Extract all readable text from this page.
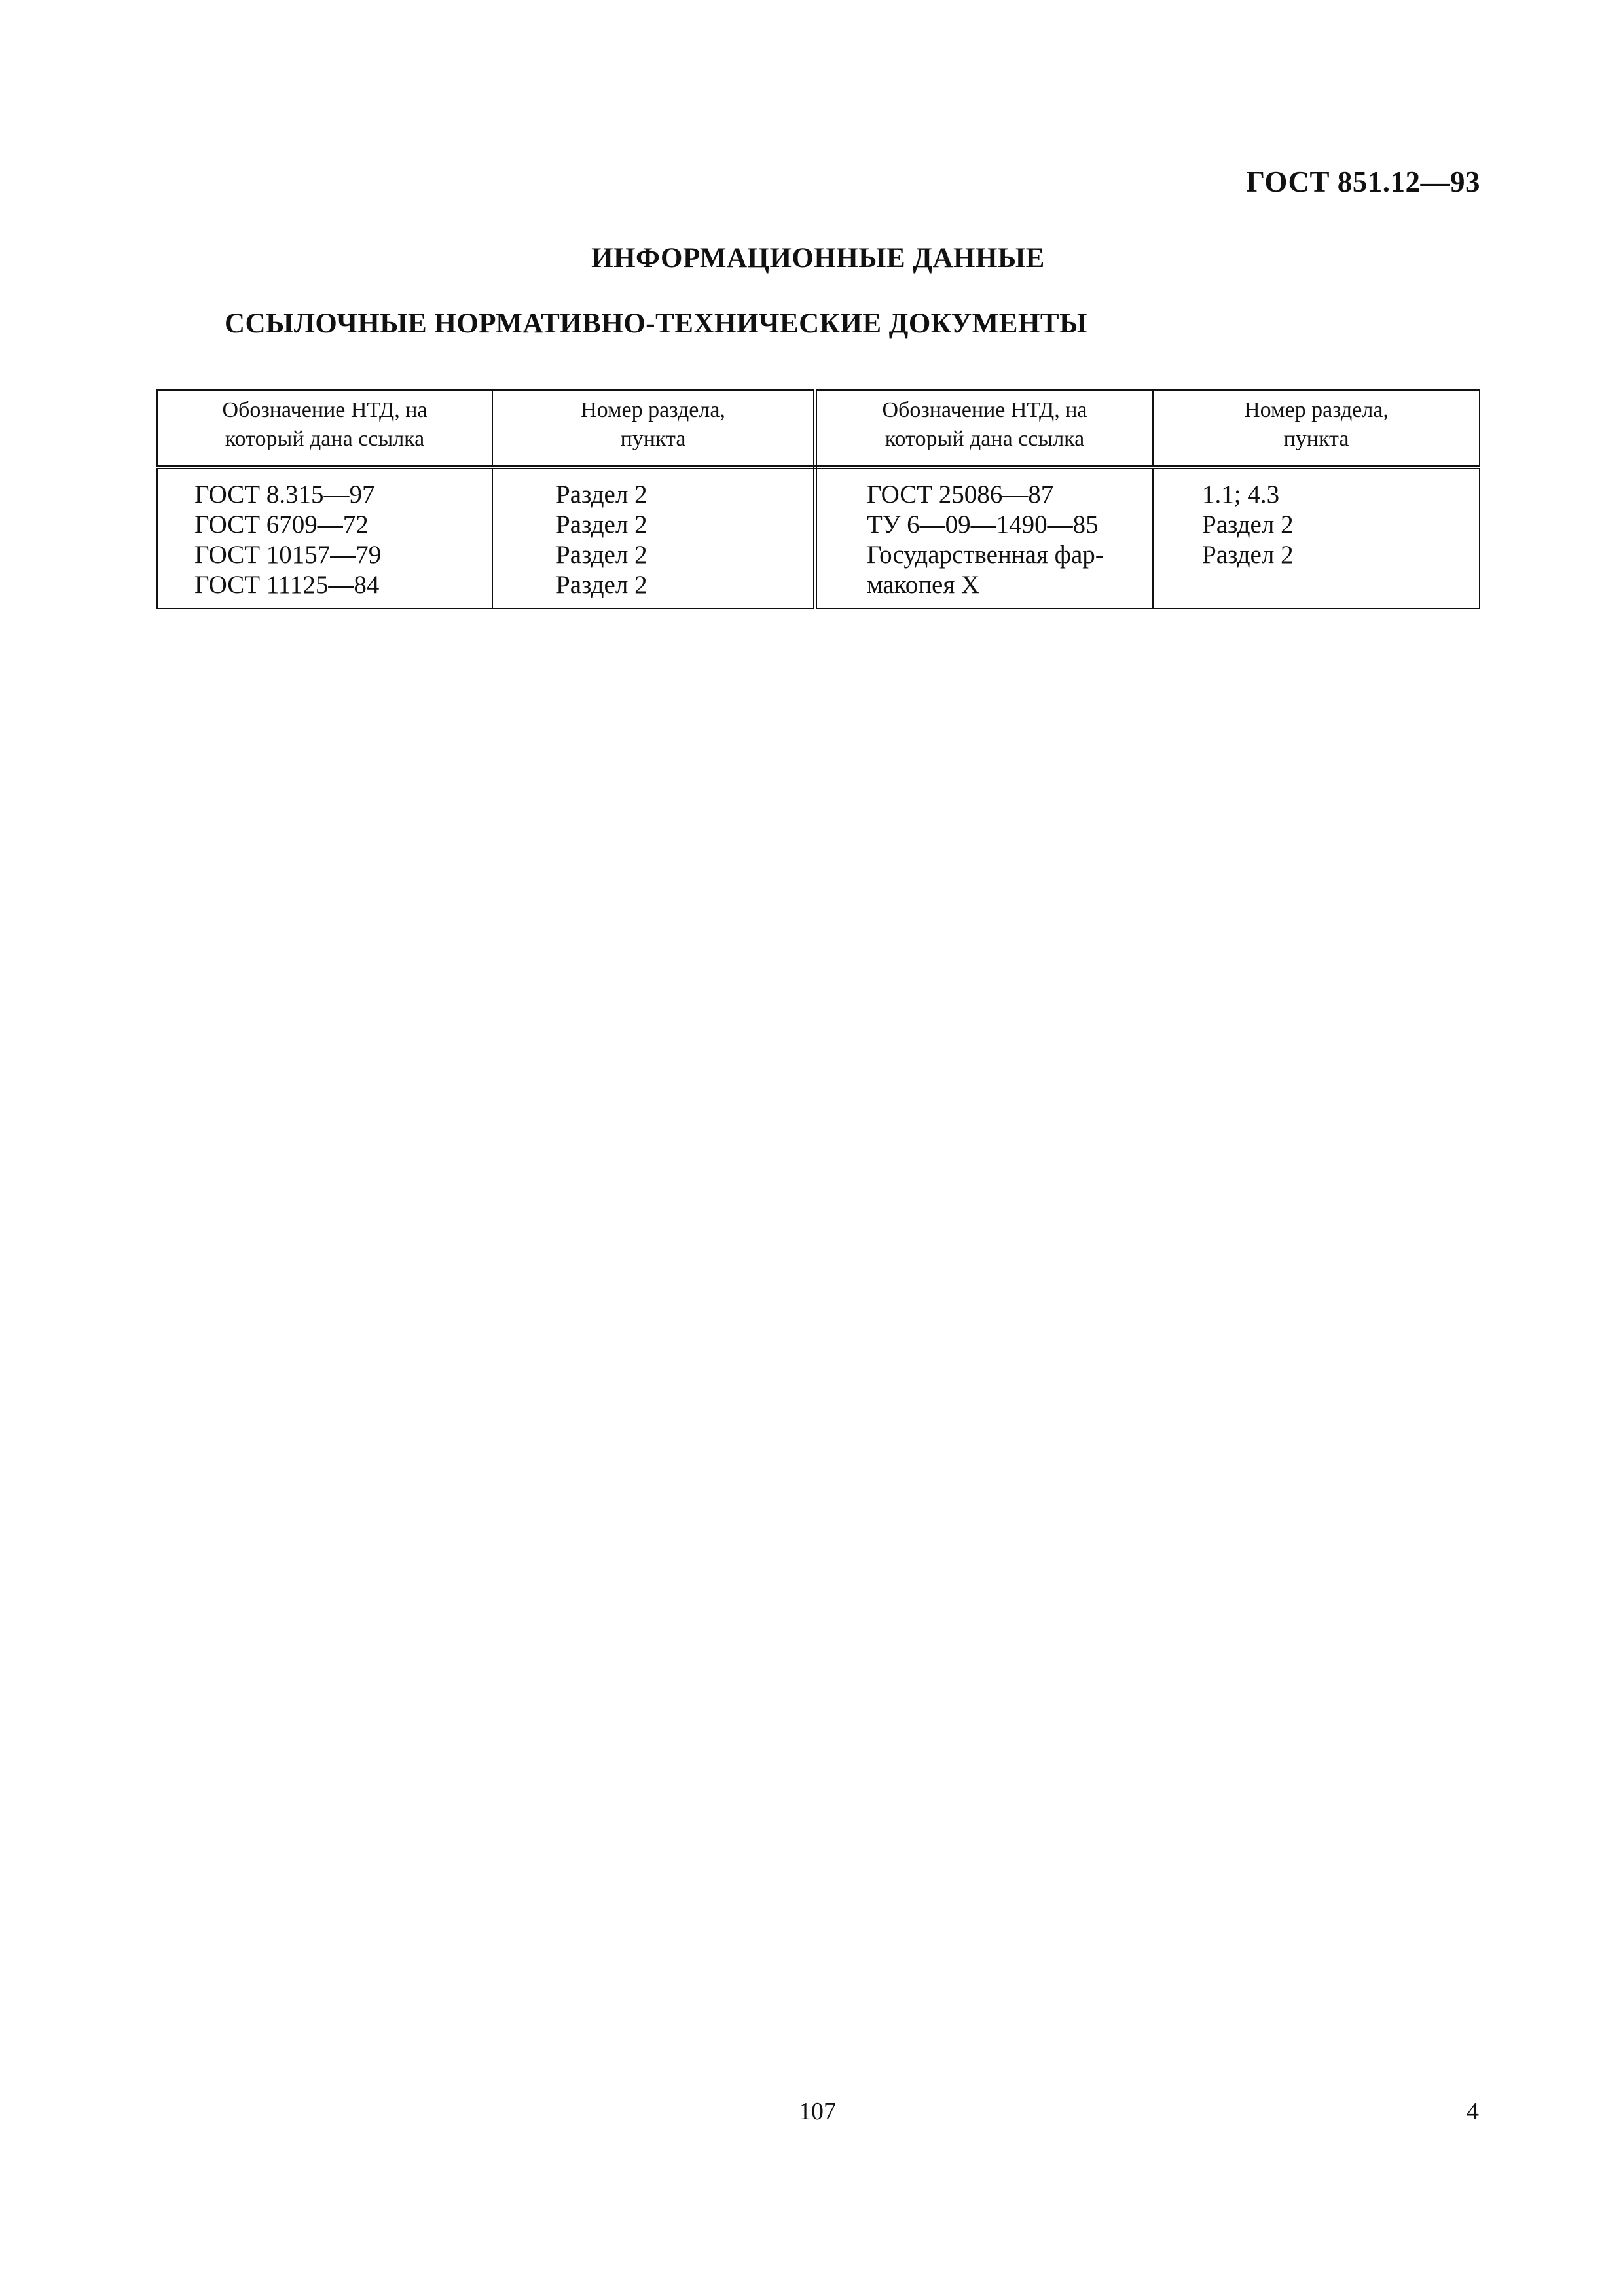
ГОСТ 851.12—93
ИНФОРМАЦИОННЫЕ ДАННЫЕ
ССЫЛОЧНЫЕ НОРМАТИВНО-ТЕХНИЧЕСКИЕ ДОКУМЕНТЫ
Обозначение НТД, на
который дана ссылка	Номер раздела,
пункта	Обозначение НТД, на
который дана ссылка	Номер раздела,
пункта

ГОСТ 8.315—97
ГОСТ 6709—72
ГОСТ 10157—79
ГОСТ 11125—84	Раздел 2
Раздел 2
Раздел 2
Раздел 2	ГОСТ 25086—87
ТУ 6—09—1490—85
Государственная фар-
макопея X	1.1; 4.3
Раздел 2
Раздел 2
107	4
